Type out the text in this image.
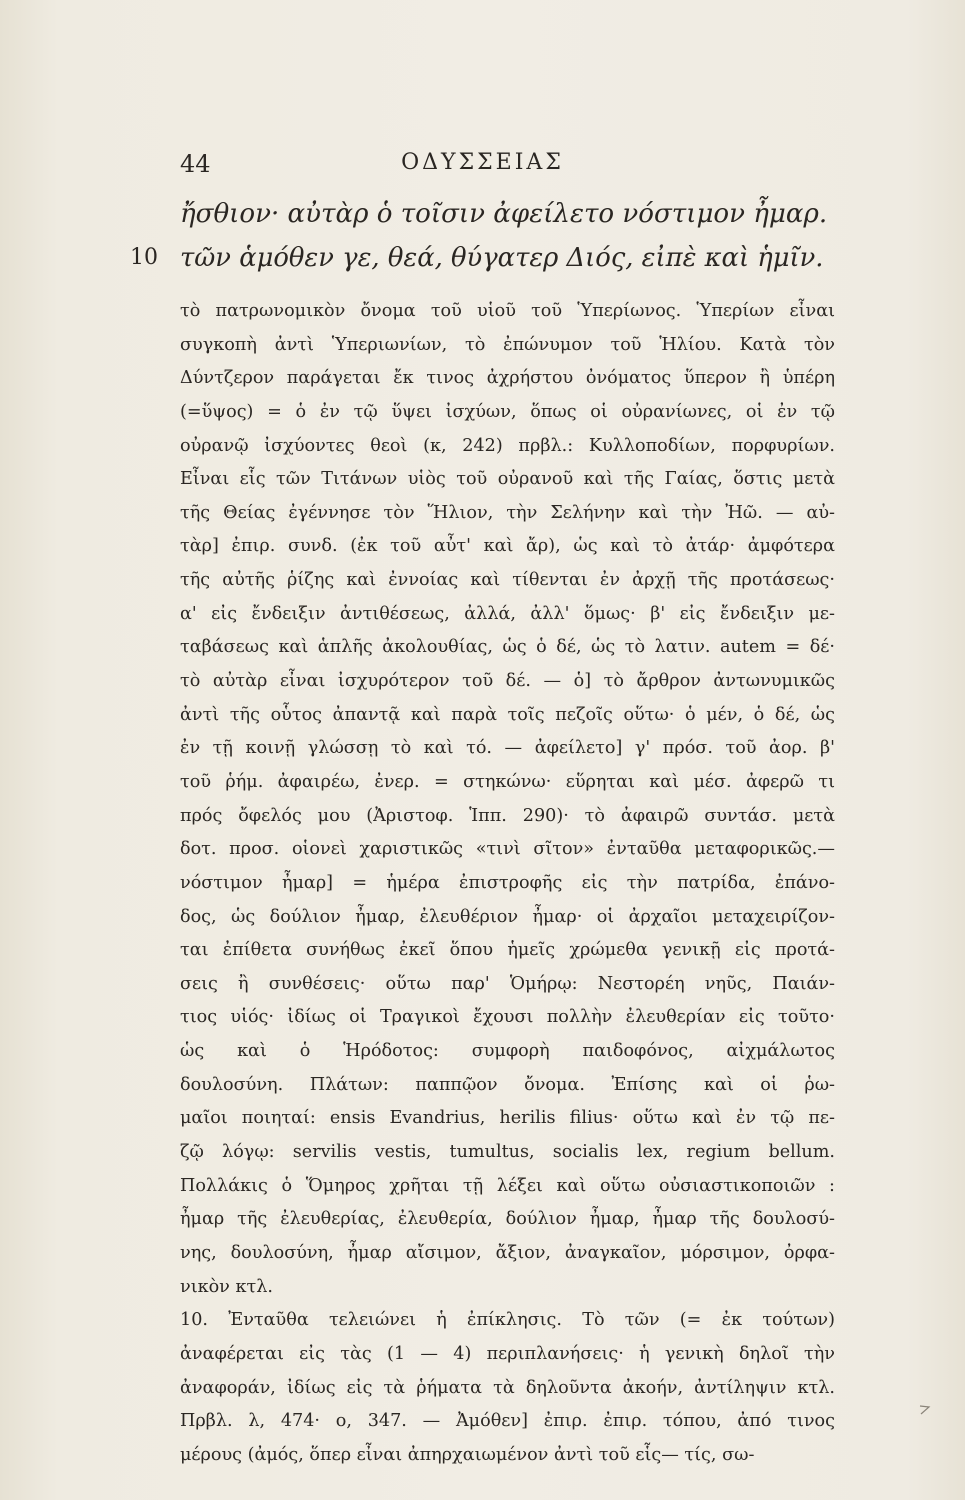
44	ΟΔΥΣΣΕΙΑΣ
ἤσθιον· αὐτὰρ ὁ τοῖσιν ἀφείλετο νόστιμον ἦμαρ.
10 τῶν ἁμόθεν γε, θεά, θύγατερ Διός, εἰπὲ καὶ ἡμῖν.
τὸ πατρωνομικὸν ὄνομα τοῦ υἱοῦ τοῦ Ὑπερίωνος. Ὑπερίων εἶναι
συγκοπὴ ἀντὶ Ὑπεριωνίων, τὸ ἐπώνυμον τοῦ Ἡλίου. Κατὰ τὸν
Δύντζερον παράγεται ἔκ τινος ἀχρήστου ὀνόματος ὕπερον ἢ ὑπέρη
(=ὕψος) = ὁ ἐν τῷ ὕψει ἰσχύων, ὅπως οἱ οὐρανίωνες, οἱ ἐν τῷ
οὐρανῷ ἰσχύοντες θεοὶ (κ, 242) πρβλ.: Κυλλοποδίων, πορφυρίων.
Εἶναι εἷς τῶν Τιτάνων υἱὸς τοῦ οὐρανοῦ καὶ τῆς Γαίας, ὅστις μετὰ
τῆς Θείας ἐγέννησε τὸν Ἥλιον, τὴν Σελήνην καὶ τὴν Ἠῶ. — αὐ-
τὰρ] ἐπιρ. συνδ. (ἐκ τοῦ αὖτ' καὶ ἄρ), ὡς καὶ τὸ ἀτάρ· ἀμφότερα
τῆς αὐτῆς ῥίζης καὶ ἐννοίας καὶ τίθενται ἐν ἀρχῇ τῆς προτάσεως·
α' εἰς ἔνδειξιν ἀντιθέσεως, ἀλλά, ἀλλ' ὅμως· β' εἰς ἔνδειξιν με-
ταβάσεως καὶ ἁπλῆς ἀκολουθίας, ὡς ὁ δέ, ὡς τὸ λατιν. autem = δέ·
τὸ αὐτὰρ εἶναι ἰσχυρότερον τοῦ δέ. — ὁ] τὸ ἄρθρον ἀντωνυμικῶς
ἀντὶ τῆς οὗτος ἀπαντᾷ καὶ παρὰ τοῖς πεζοῖς οὕτω· ὁ μέν, ὁ δέ, ὡς
ἐν τῇ κοινῇ γλώσσῃ τὸ καὶ τό. — ἀφείλετο] γ' πρόσ. τοῦ ἀορ. β'
τοῦ ῥήμ. ἀφαιρέω, ἐνερ. = στηκώνω· εὕρηται καὶ μέσ. ἀφερῶ τι
πρός ὄφελός μου (Ἀριστοφ. Ἱππ. 290)· τὸ ἀφαιρῶ συντάσ. μετὰ
δοτ. προσ. οἱονεὶ χαριστικῶς «τινὶ σῖτον» ἐνταῦθα μεταφορικῶς.—
νόστιμον ἦμαρ] = ἡμέρα ἐπιστροφῆς εἰς τὴν πατρίδα, ἐπάνο-
δος, ὡς δούλιον ἦμαρ, ἐλευθέριον ἦμαρ· οἱ ἀρχαῖοι μεταχειρίζον-
ται ἐπίθετα συνήθως ἐκεῖ ὅπου ἡμεῖς χρώμεθα γενικῇ εἰς προτά-
σεις ἢ συνθέσεις· οὕτω παρ' Ὁμήρῳ: Νεστορέη νηῦς, Παιάν-
τιος υἱός· ἰδίως οἱ Τραγικοὶ ἔχουσι πολλὴν ἐλευθερίαν εἰς τοῦτο·
ὡς καὶ ὁ Ἡρόδοτος: συμφορὴ παιδοφόνος, αἰχμάλωτος
δουλοσύνη. Πλάτων: παππῷον ὄνομα. Ἐπίσης καὶ οἱ ῥω-
μαῖοι ποιηταί: ensis Evandrius, herilis filius· οὕτω καὶ ἐν τῷ πε-
ζῷ λόγῳ: servilis vestis, tumultus, socialis lex, regium bellum.
Πολλάκις ὁ Ὅμηρος χρῆται τῇ λέξει καὶ οὕτω οὐσιαστικοποιῶν :
ἦμαρ τῆς ἐλευθερίας, ἐλευθερία, δούλιον ἦμαρ, ἦμαρ τῆς δουλοσύ-
νης, δουλοσύνη, ἦμαρ αἴσιμον, ἄξιον, ἀναγκαῖον, μόρσιμον, ὀρφα-
νικὸν κτλ.
10. Ἐνταῦθα τελειώνει ἡ ἐπίκλησις. Τὸ τῶν (= ἐκ τούτων)
ἀναφέρεται εἰς τὰς (1 — 4) περιπλανήσεις· ἡ γενικὴ δηλοῖ τὴν
ἀναφοράν, ἰδίως εἰς τὰ ῥήματα τὰ δηλοῦντα ἀκοήν, ἀντίληψιν κτλ.
Πρβλ. λ, 474· ο, 347. — Ἀμόθεν] ἐπιρ. ἐπιρ. τόπου, ἀπό τινος
μέρους (ἀμός, ὅπερ εἶναι ἀπηρχαιωμένον ἀντὶ τοῦ εἷς— τίς, σω-
